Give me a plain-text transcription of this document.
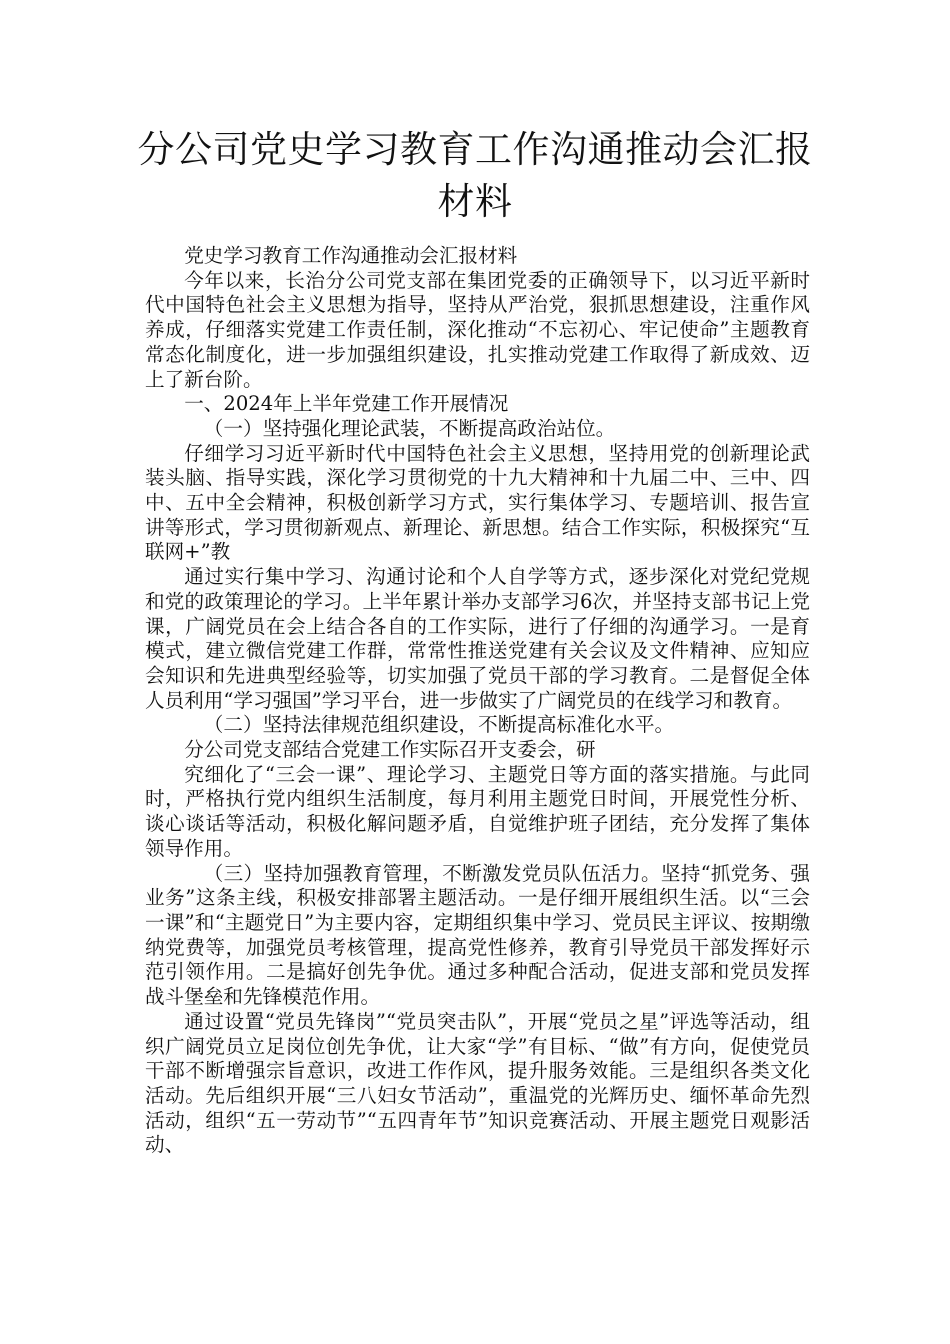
分公司党史学习教育工作沟通推动会汇报材料

党史学习教育工作沟通推动会汇报材料

今年以来，长治分公司党支部在集团党委的正确领导下，以习近平新时代中国特色社会主义思想为指导，坚持从严治党，狠抓思想建设，注重作风养成，仔细落实党建工作责任制，深化推动“不忘初心、牢记使命”主题教育常态化制度化，进一步加强组织建设，扎实推动党建工作取得了新成效、迈上了新台阶。

一、2024年上半年党建工作开展情况

（一）坚持强化理论武装，不断提高政治站位。

仔细学习习近平新时代中国特色社会主义思想，坚持用党的创新理论武装头脑、指导实践，深化学习贯彻党的十九大精神和十九届二中、三中、四中、五中全会精神，积极创新学习方式，实行集体学习、专题培训、报告宣讲等形式，学习贯彻新观点、新理论、新思想。结合工作实际，积极探究“互联网+”教

通过实行集中学习、沟通讨论和个人自学等方式，逐步深化对党纪党规和党的政策理论的学习。上半年累计举办支部学习6次，并坚持支部书记上党课，广阔党员在会上结合各自的工作实际，进行了仔细的沟通学习。一是育模式，建立微信党建工作群，常常性推送党建有关会议及文件精神、应知应会知识和先进典型经验等，切实加强了党员干部的学习教育。二是督促全体人员利用“学习强国”学习平台，进一步做实了广阔党员的在线学习和教育。

（二）坚持法律规范组织建设，不断提高标准化水平。

分公司党支部结合党建工作实际召开支委会，研

究细化了“三会一课”、理论学习、主题党日等方面的落实措施。与此同时，严格执行党内组织生活制度，每月利用主题党日时间，开展党性分析、谈心谈话等活动，积极化解问题矛盾，自觉维护班子团结，充分发挥了集体领导作用。

（三）坚持加强教育管理，不断激发党员队伍活力。坚持“抓党务、强业务”这条主线，积极安排部署主题活动。一是仔细开展组织生活。以“三会一课”和“主题党日”为主要内容，定期组织集中学习、党员民主评议、按期缴纳党费等，加强党员考核管理，提高党性修养，教育引导党员干部发挥好示范引领作用。二是搞好创先争优。通过多种配合活动，促进支部和党员发挥战斗堡垒和先锋模范作用。

通过设置“党员先锋岗”“党员突击队”，开展“党员之星”评选等活动，组织广阔党员立足岗位创先争优，让大家“学”有目标、“做”有方向，促使党员干部不断增强宗旨意识，改进工作作风，提升服务效能。三是组织各类文化活动。先后组织开展“三八妇女节活动”，重温党的光辉历史、缅怀革命先烈活动，组织“五一劳动节”“五四青年节”知识竞赛活动、开展主题党日观影活动、
